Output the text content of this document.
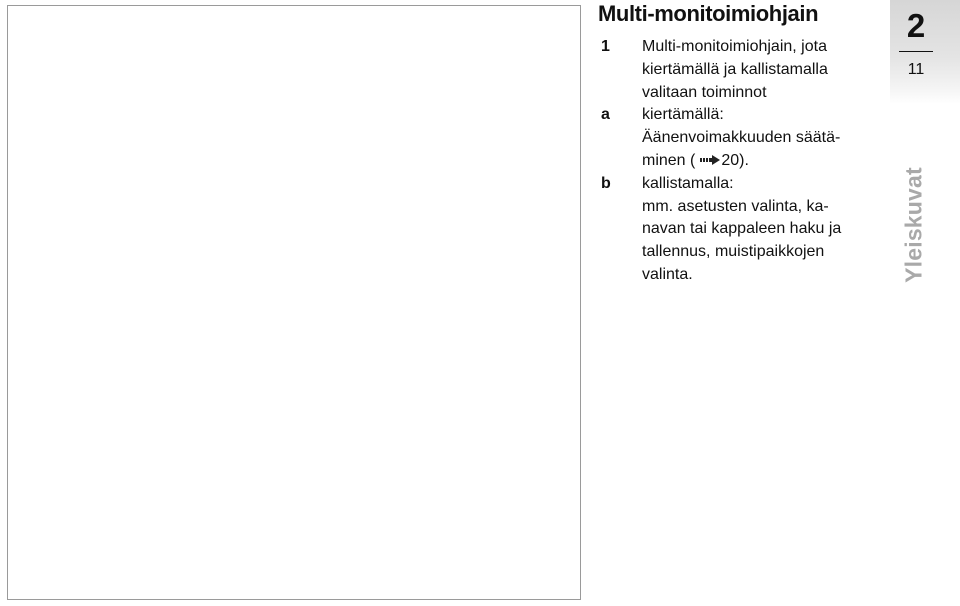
Multi-monitoimiohjain
1	Multi-monitoimiohjain, jota
kiertämällä ja kallistamalla
valitaan toiminnot
a	kiertämällä:
Äänenvoimakkuuden säätä-
minen ( 20).
b	kallistamalla:
mm. asetusten valinta, ka-
navan tai kappaleen haku ja
tallennus, muistipaikkojen
valinta.
2
11
Yleiskuvat
